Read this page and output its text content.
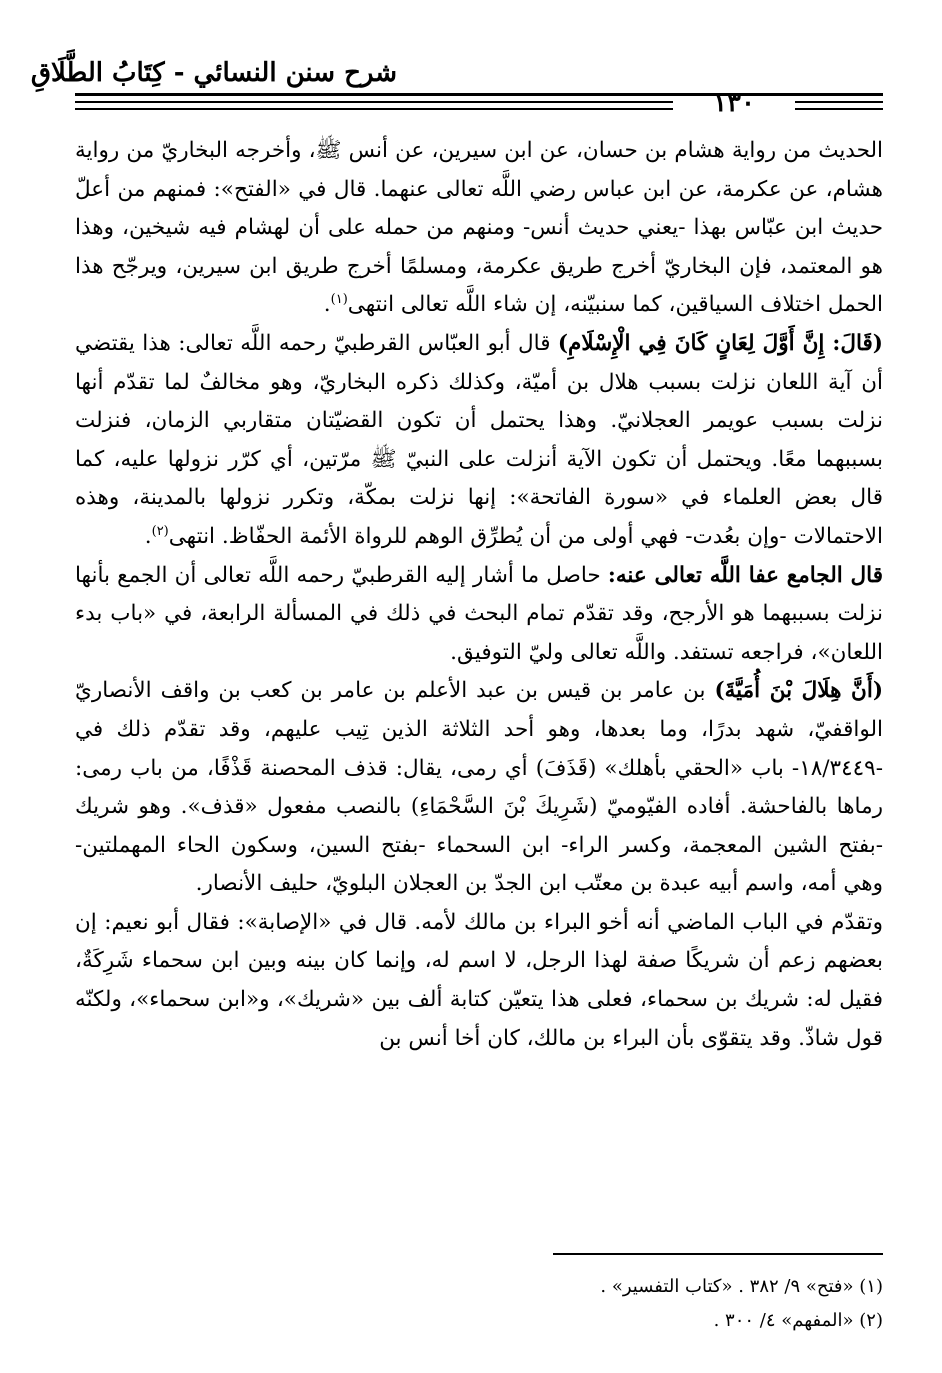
شرح سنن النسائي - كِتَابُ الطَّلَاقِ
١٣٠

الحديث من رواية هشام بن حسان، عن ابن سيرين، عن أنس ﷺ، وأخرجه البخاريّ من رواية هشام، عن عكرمة، عن ابن عباس رضي اللَّه تعالى عنهما. قال في «الفتح»: فمنهم من أعلّ حديث ابن عبّاس بهذا -يعني حديث أنس- ومنهم من حمله على أن لهشام فيه شيخين، وهذا هو المعتمد، فإن البخاريّ أخرج طريق عكرمة، ومسلمًا أخرج طريق ابن سيرين، ويرجّح هذا الحمل اختلاف السياقين، كما سنبيّنه، إن شاء اللَّه تعالى انتهى$^{(١)}$.

(قَالَ: إِنَّ أَوَّلَ لِعَانٍ كَانَ فِي الْإِسْلَامِ) قال أبو العبّاس القرطبيّ رحمه اللَّه تعالى: هذا يقتضي أن آية اللعان نزلت بسبب هلال بن أميّة، وكذلك ذكره البخاريّ، وهو مخالفٌ لما تقدّم أنها نزلت بسبب عويمر العجلانيّ. وهذا يحتمل أن تكون القضيّتان متقاربي الزمان، فنزلت بسببهما معًا. ويحتمل أن تكون الآية أنزلت على النبيّ ﷺ مرّتين، أي كرّر نزولها عليه، كما قال بعض العلماء في «سورة الفاتحة»: إنها نزلت بمكّة، وتكرر نزولها بالمدينة، وهذه الاحتمالات -وإن بعُدت- فهي أولى من أن يُطرِّق الوهم للرواة الأئمة الحفّاظ. انتهى$^{(٢)}$.

قال الجامع عفا اللَّه تعالى عنه: حاصل ما أشار إليه القرطبيّ رحمه اللَّه تعالى أن الجمع بأنها نزلت بسببهما هو الأرجح، وقد تقدّم تمام البحث في ذلك في المسألة الرابعة، في «باب بدء اللعان»، فراجعه تستفد. واللَّه تعالى وليّ التوفيق.

(أَنَّ هِلَالَ بْنَ أُمَيَّةَ) بن عامر بن قيس بن عبد الأعلم بن عامر بن كعب بن واقف الأنصاريّ الواقفيّ، شهد بدرًا، وما بعدها، وهو أحد الثلاثة الذين تِيب عليهم، وقد تقدّم ذلك في -١٨/٣٤٤٩- باب «الحقي بأهلك» (قَذَفَ) أي رمى، يقال: قذف المحصنة قَذْفًا، من باب رمى: رماها بالفاحشة. أفاده الفيّوميّ (شَرِيكَ بْنَ السَّحْمَاءِ) بالنصب مفعول «قذف». وهو شريك -بفتح الشين المعجمة، وكسر الراء- ابن السحماء -بفتح السين، وسكون الحاء المهملتين- وهي أمه، واسم أبيه عبدة بن معتّب ابن الجدّ بن العجلان البلويّ، حليف الأنصار.

وتقدّم في الباب الماضي أنه أخو البراء بن مالك لأمه. قال في «الإصابة»: فقال أبو نعيم: إن بعضهم زعم أن شريكًا صفة لهذا الرجل، لا اسم له، وإنما كان بينه وبين ابن سحماء شَرِكَةٌ، فقيل له: شريك بن سحماء، فعلى هذا يتعيّن كتابة ألف بين «شريك»، و«ابن سحماء»، ولكنّه قول شاذّ. وقد يتقوّى بأن البراء بن مالك، كان أخا أنس بن

(١) «فتح» ٩/ ٣٨٢ . «كتاب التفسير» .

(٢) «المفهم» ٤/ ٣٠٠ .
